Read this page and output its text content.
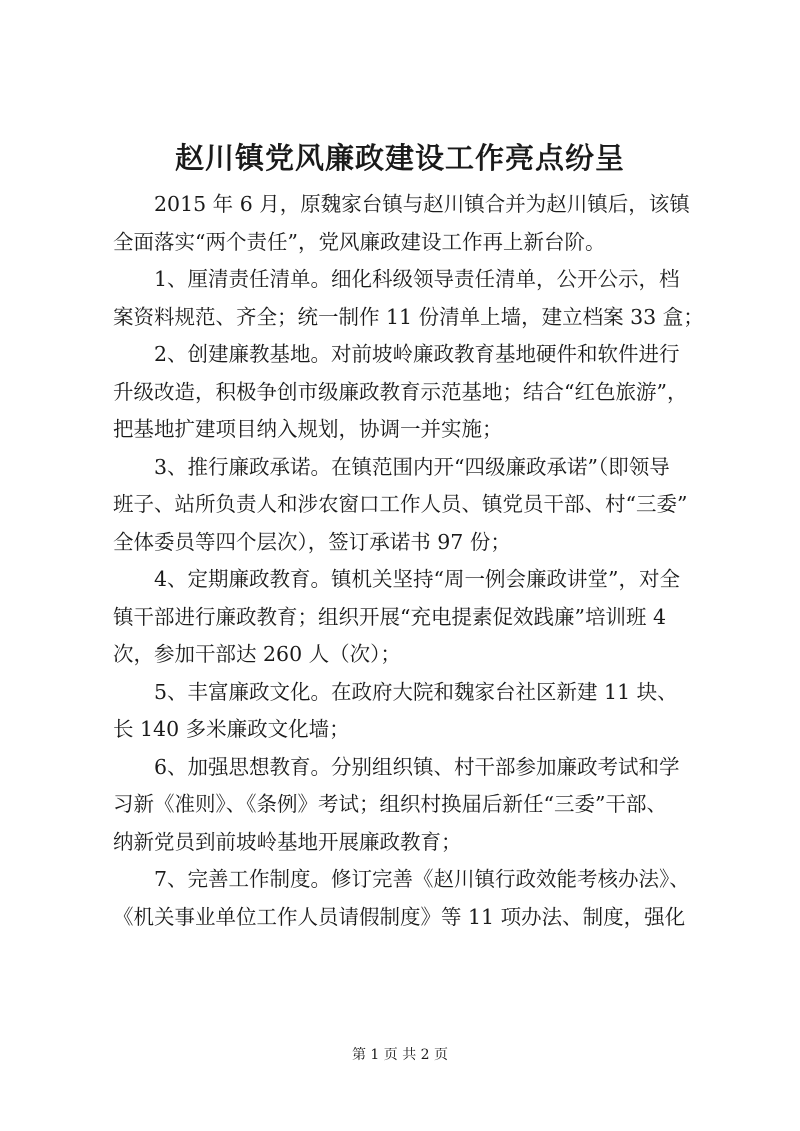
赵川镇党风廉政建设工作亮点纷呈

2015 年 6 月，原魏家台镇与赵川镇合并为赵川镇后，该镇
全面落实“两个责任”，党风廉政建设工作再上新台阶。

1、厘清责任清单。细化科级领导责任清单，公开公示，档
案资料规范、齐全；统一制作 11 份清单上墙，建立档案 33 盒；

2、创建廉教基地。对前坡岭廉政教育基地硬件和软件进行
升级改造，积极争创市级廉政教育示范基地；结合“红色旅游”，
把基地扩建项目纳入规划，协调一并实施；

3、推行廉政承诺。在镇范围内开“四级廉政承诺”（即领导
班子、站所负责人和涉农窗口工作人员、镇党员干部、村“三委”
全体委员等四个层次），签订承诺书 97 份；

4、定期廉政教育。镇机关坚持“周一例会廉政讲堂”，对全
镇干部进行廉政教育；组织开展“充电提素促效践廉”培训班 4
次，参加干部达 260 人（次）；

5、丰富廉政文化。在政府大院和魏家台社区新建 11 块、
长 140 多米廉政文化墙；

6、加强思想教育。分别组织镇、村干部参加廉政考试和学
习新《准则》、《条例》考试；组织村换届后新任“三委”干部、
纳新党员到前坡岭基地开展廉政教育；

7、完善工作制度。修订完善《赵川镇行政效能考核办法》、
《机关事业单位工作人员请假制度》等 11 项办法、制度，强化

第 1 页 共 2 页
